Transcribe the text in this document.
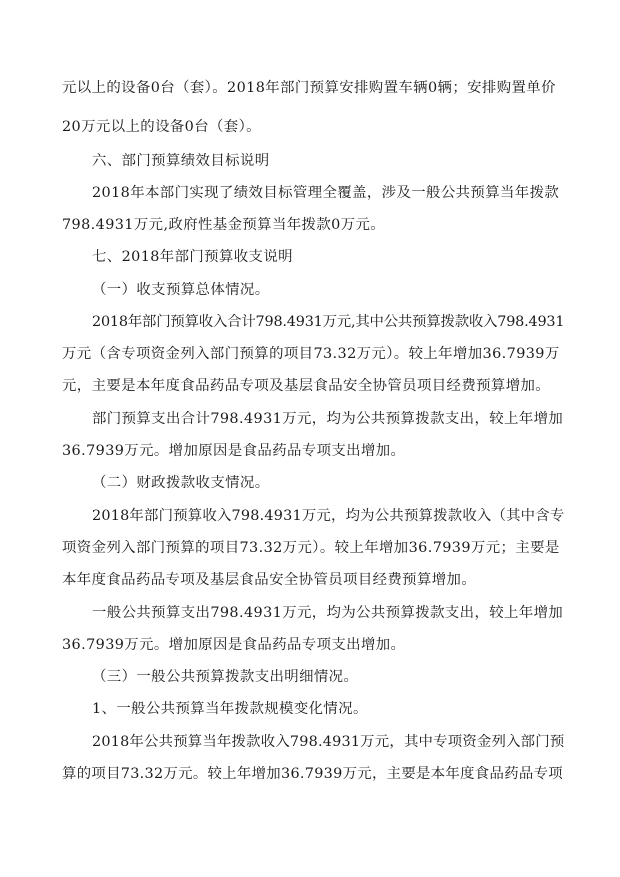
元以上的设备0台（套）。2018年部门预算安排购置车辆0辆；安排购置单价
20万元以上的设备0台（套）。
六、部门预算绩效目标说明
2018年本部门实现了绩效目标管理全覆盖，涉及一般公共预算当年拨款
798.4931万元,政府性基金预算当年拨款0万元。
七、2018年部门预算收支说明
（一）收支预算总体情况。
2018年部门预算收入合计798.4931万元,其中公共预算拨款收入798.4931
万元（含专项资金列入部门预算的项目73.32万元）。较上年增加36.7939万
元，主要是本年度食品药品专项及基层食品安全协管员项目经费预算增加。
部门预算支出合计798.4931万元，均为公共预算拨款支出，较上年增加
36.7939万元。增加原因是食品药品专项支出增加。
（二）财政拨款收支情况。
2018年部门预算收入798.4931万元，均为公共预算拨款收入（其中含专
项资金列入部门预算的项目73.32万元）。较上年增加36.7939万元；主要是
本年度食品药品专项及基层食品安全协管员项目经费预算增加。
一般公共预算支出798.4931万元，均为公共预算拨款支出，较上年增加
36.7939万元。增加原因是食品药品专项支出增加。
（三）一般公共预算拨款支出明细情况。
1、一般公共预算当年拨款规模变化情况。
2018年公共预算当年拨款收入798.4931万元，其中专项资金列入部门预
算的项目73.32万元。较上年增加36.7939万元，主要是本年度食品药品专项
